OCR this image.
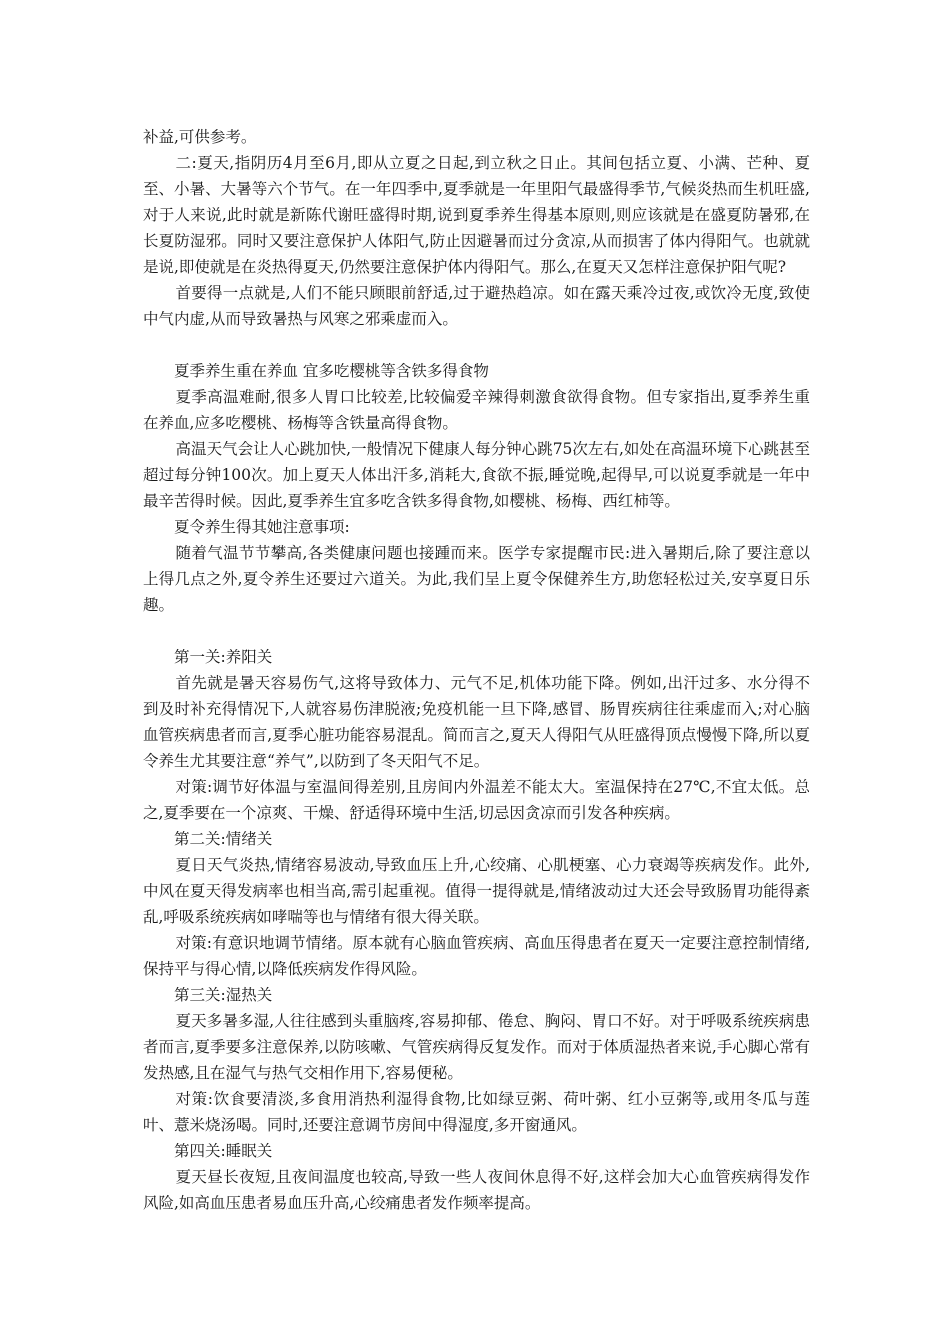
补益,可供参考。

二:夏天,指阴历4月至6月,即从立夏之日起,到立秋之日止。其间包括立夏、小满、芒种、夏至、小暑、大暑等六个节气。在一年四季中,夏季就是一年里阳气最盛得季节,气候炎热而生机旺盛,对于人来说,此时就是新陈代谢旺盛得时期,说到夏季养生得基本原则,则应该就是在盛夏防暑邪,在长夏防湿邪。同时又要注意保护人体阳气,防止因避暑而过分贪凉,从而损害了体内得阳气。也就就是说,即使就是在炎热得夏天,仍然要注意保护体内得阳气。那么,在夏天又怎样注意保护阳气呢?

首要得一点就是,人们不能只顾眼前舒适,过于避热趋凉。如在露天乘冷过夜,或饮冷无度,致使中气内虚,从而导致暑热与风寒之邪乘虚而入。

夏季养生重在养血 宜多吃樱桃等含铁多得食物

夏季高温难耐,很多人胃口比较差,比较偏爱辛辣得刺激食欲得食物。但专家指出,夏季养生重在养血,应多吃樱桃、杨梅等含铁量高得食物。

高温天气会让人心跳加快,一般情况下健康人每分钟心跳75次左右,如处在高温环境下心跳甚至超过每分钟100次。加上夏天人体出汗多,消耗大,食欲不振,睡觉晚,起得早,可以说夏季就是一年中最辛苦得时候。因此,夏季养生宜多吃含铁多得食物,如樱桃、杨梅、西红柿等。

夏令养生得其她注意事项:

随着气温节节攀高,各类健康问题也接踵而来。医学专家提醒市民:进入暑期后,除了要注意以上得几点之外,夏令养生还要过六道关。为此,我们呈上夏令保健养生方,助您轻松过关,安享夏日乐趣。

第一关:养阳关

首先就是暑天容易伤气,这将导致体力、元气不足,机体功能下降。例如,出汗过多、水分得不到及时补充得情况下,人就容易伤津脱液;免疫机能一旦下降,感冒、肠胃疾病往往乘虚而入;对心脑血管疾病患者而言,夏季心脏功能容易混乱。简而言之,夏天人得阳气从旺盛得顶点慢慢下降,所以夏令养生尤其要注意“养气”,以防到了冬天阳气不足。

对策:调节好体温与室温间得差别,且房间内外温差不能太大。室温保持在27℃,不宜太低。总之,夏季要在一个凉爽、干燥、舒适得环境中生活,切忌因贪凉而引发各种疾病。

第二关:情绪关

夏日天气炎热,情绪容易波动,导致血压上升,心绞痛、心肌梗塞、心力衰竭等疾病发作。此外,中风在夏天得发病率也相当高,需引起重视。值得一提得就是,情绪波动过大还会导致肠胃功能得紊乱,呼吸系统疾病如哮喘等也与情绪有很大得关联。

对策:有意识地调节情绪。原本就有心脑血管疾病、高血压得患者在夏天一定要注意控制情绪,保持平与得心情,以降低疾病发作得风险。

第三关:湿热关

夏天多暑多湿,人往往感到头重脑疼,容易抑郁、倦怠、胸闷、胃口不好。对于呼吸系统疾病患者而言,夏季要多注意保养,以防咳嗽、气管疾病得反复发作。而对于体质湿热者来说,手心脚心常有发热感,且在湿气与热气交相作用下,容易便秘。

对策:饮食要清淡,多食用消热利湿得食物,比如绿豆粥、荷叶粥、红小豆粥等,或用冬瓜与莲叶、薏米烧汤喝。同时,还要注意调节房间中得湿度,多开窗通风。

第四关:睡眠关

夏天昼长夜短,且夜间温度也较高,导致一些人夜间休息得不好,这样会加大心血管疾病得发作风险,如高血压患者易血压升高,心绞痛患者发作频率提高。
